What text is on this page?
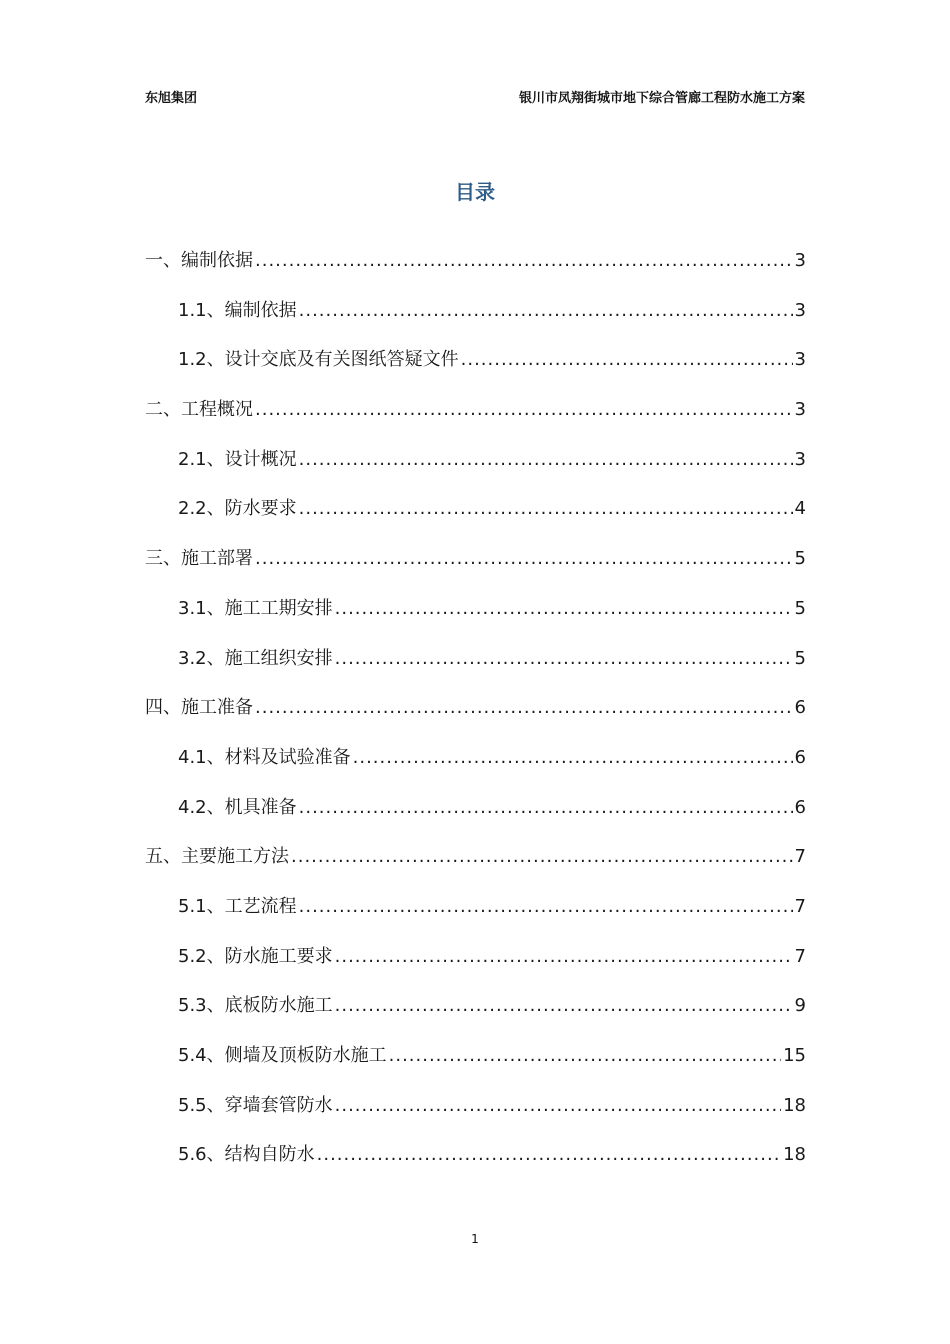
东旭集团	银川市凤翔街城市地下综合管廊工程防水施工方案
目录
一、编制依据 .....	3
1.1、编制依据 .....	3
1.2、设计交底及有关图纸答疑文件 .....	3
二、工程概况 .....	3
2.1、设计概况 .....	3
2.2、防水要求 .....	4
三、施工部署 .....	5
3.1、施工工期安排 .....	5
3.2、施工组织安排 .....	5
四、施工准备 .....	6
4.1、材料及试验准备 .....	6
4.2、机具准备 .....	6
五、主要施工方法 .....	7
5.1、工艺流程 .....	7
5.2、防水施工要求 .....	7
5.3、底板防水施工 .....	9
5.4、侧墙及顶板防水施工 .....	15
5.5、穿墙套管防水 .....	18
5.6、结构自防水 .....	18
1
